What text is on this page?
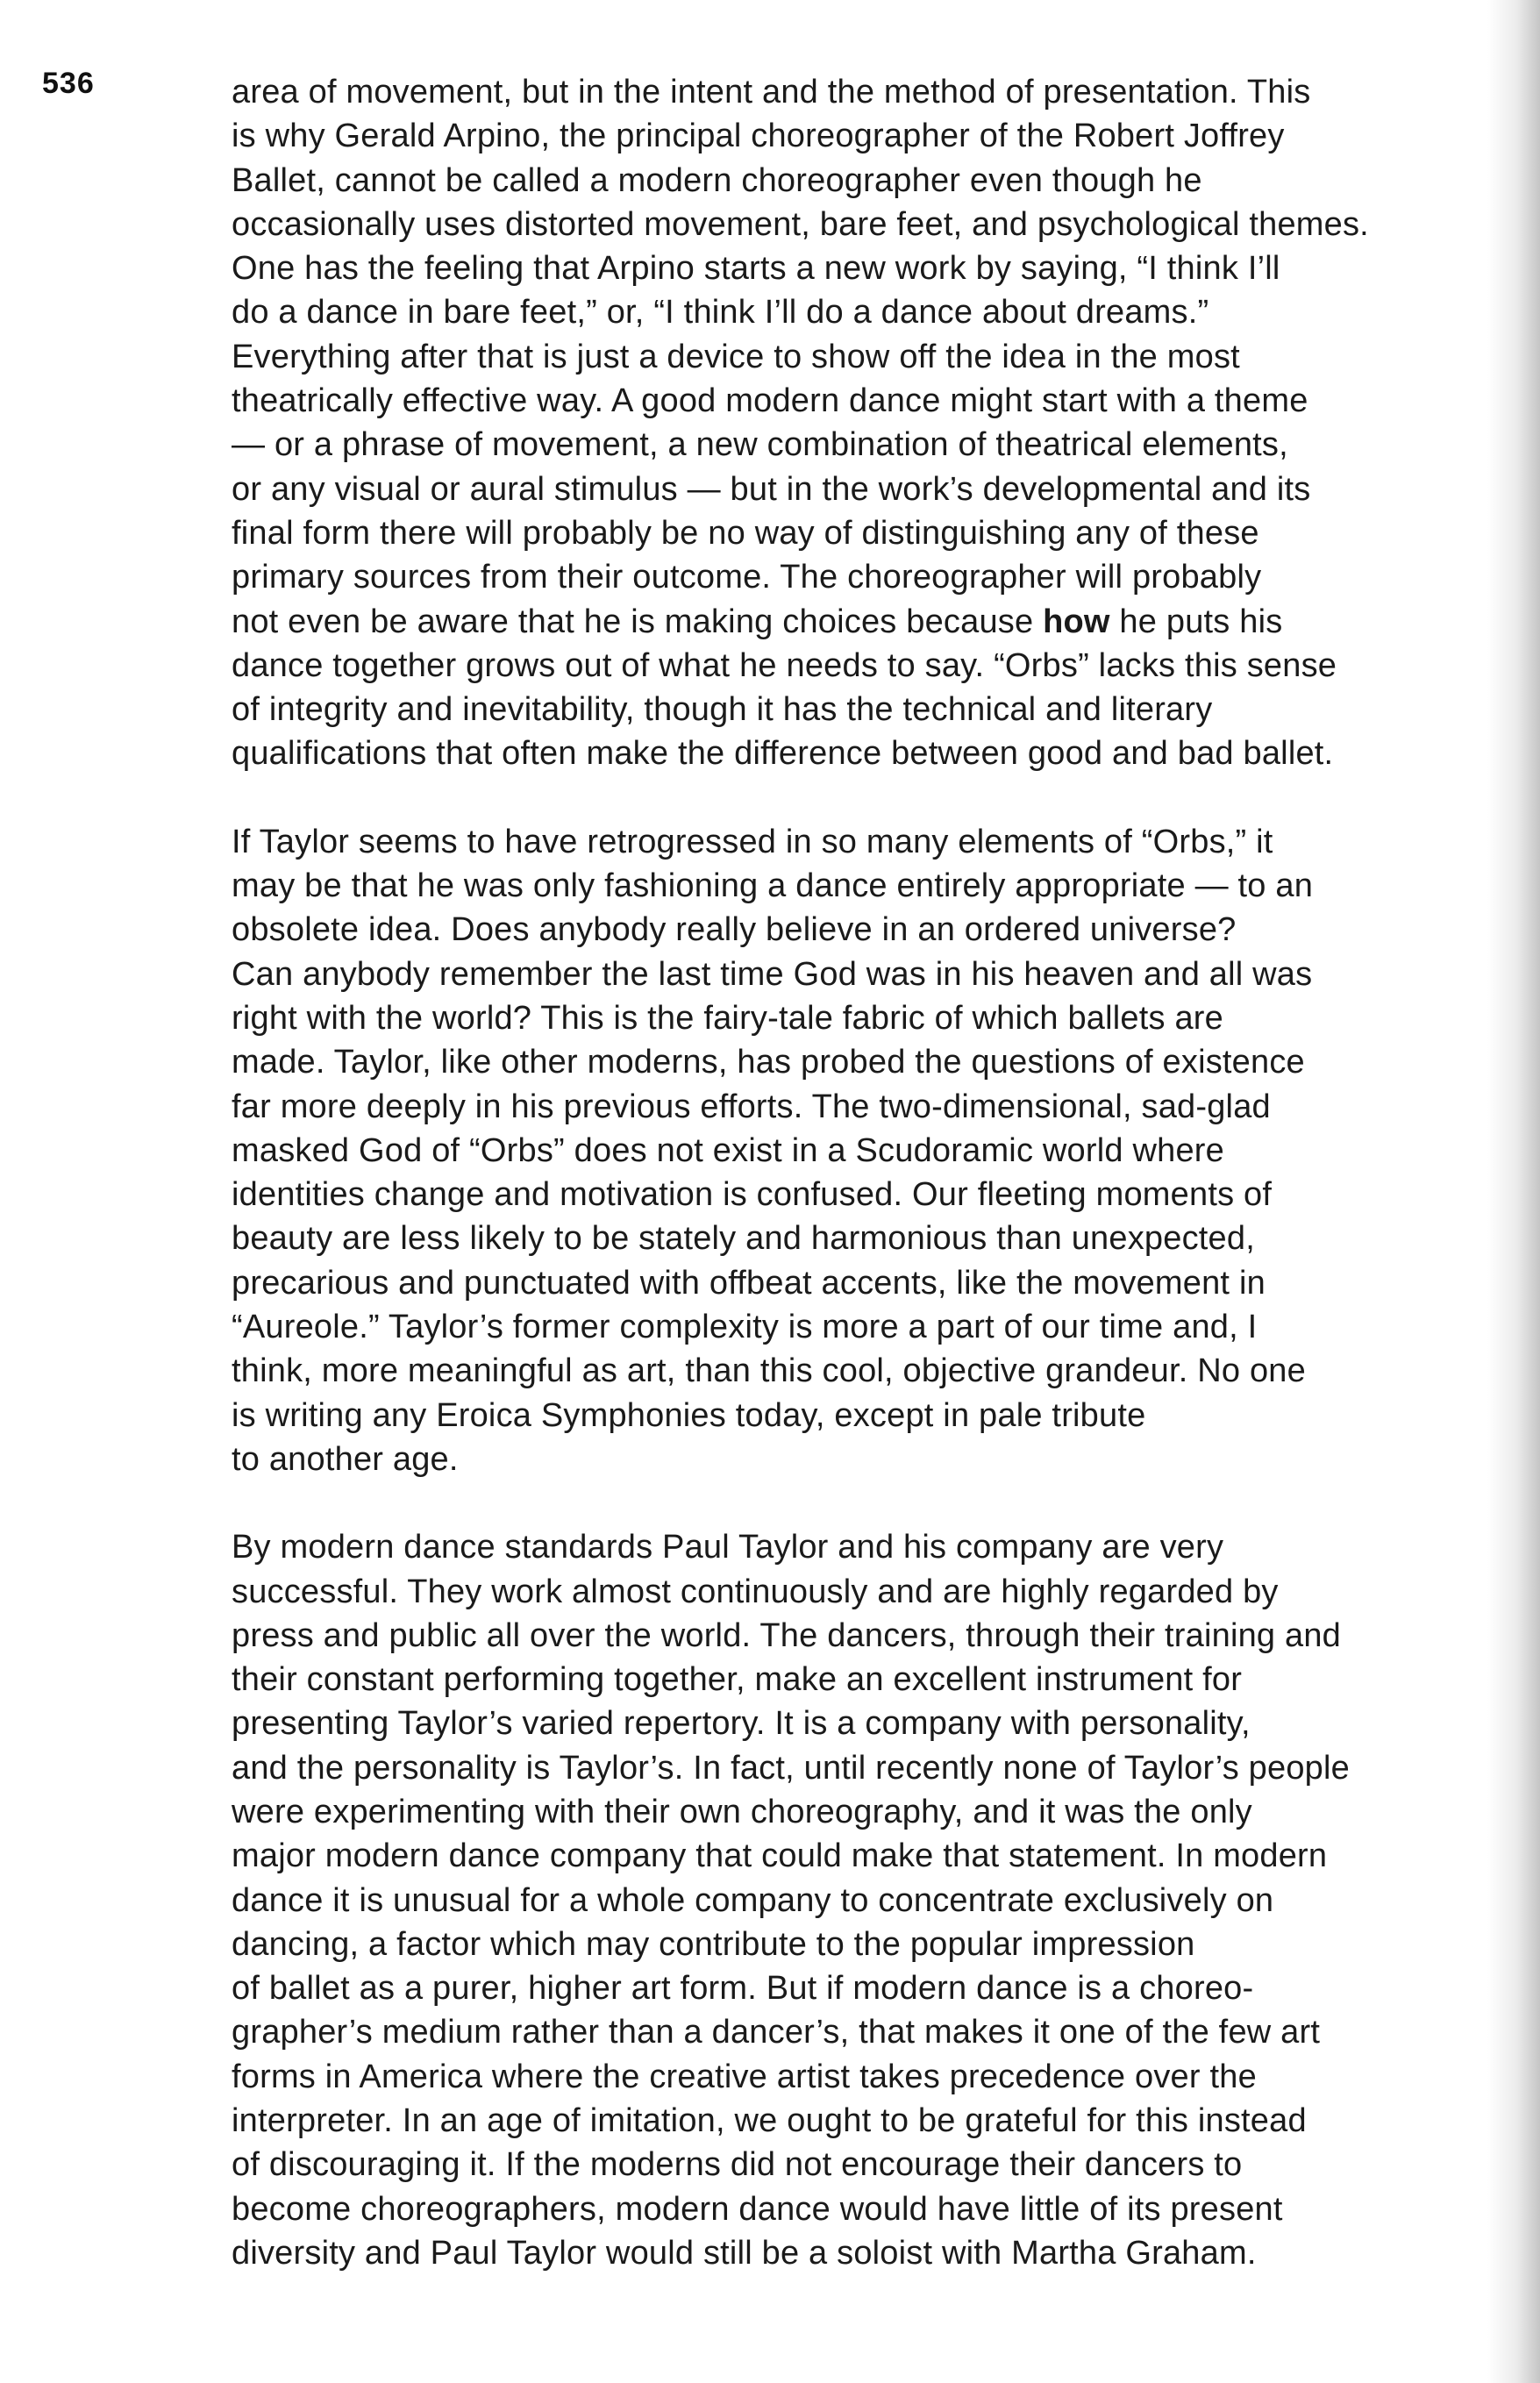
536	area of movement, but in the intent and the method of presentation. This
is why Gerald Arpino, the principal choreographer of the Robert Joffrey
Ballet, cannot be called a modern choreographer even though he
occasionally uses distorted movement, bare feet, and psychological themes.
One has the feeling that Arpino starts a new work by saying, “I think I’ll
do a dance in bare feet,” or, “I think I’ll do a dance about dreams.”
Everything after that is just a device to show off the idea in the most
theatrically effective way. A good modern dance might start with a theme
— or a phrase of movement, a new combination of theatrical elements,
or any visual or aural stimulus — but in the work’s developmental and its
final form there will probably be no way of distinguishing any of these
primary sources from their outcome. The choreographer will probably
not even be aware that he is making choices because how he puts his
dance together grows out of what he needs to say. “Orbs” lacks this sense
of integrity and inevitability, though it has the technical and literary
qualifications that often make the difference between good and bad ballet.
If Taylor seems to have retrogressed in so many elements of “Orbs,” it
may be that he was only fashioning a dance entirely appropriate — to an
obsolete idea. Does anybody really believe in an ordered universe?
Can anybody remember the last time God was in his heaven and all was
right with the world? This is the fairy-tale fabric of which ballets are
made. Taylor, like other moderns, has probed the questions of existence
far more deeply in his previous efforts. The two-dimensional, sad-glad
masked God of “Orbs” does not exist in a Scudoramic world where
identities change and motivation is confused. Our fleeting moments of
beauty are less likely to be stately and harmonious than unexpected,
precarious and punctuated with offbeat accents, like the movement in
“Aureole.” Taylor’s former complexity is more a part of our time and, I
think, more meaningful as art, than this cool, objective grandeur. No one
is writing any Eroica Symphonies today, except in pale tribute
to another age.
By modern dance standards Paul Taylor and his company are very
successful. They work almost continuously and are highly regarded by
press and public all over the world. The dancers, through their training and
their constant performing together, make an excellent instrument for
presenting Taylor’s varied repertory. It is a company with personality,
and the personality is Taylor’s. In fact, until recently none of Taylor’s people
were experimenting with their own choreography, and it was the only
major modern dance company that could make that statement. In modern
dance it is unusual for a whole company to concentrate exclusively on
dancing, a factor which may contribute to the popular impression
of ballet as a purer, higher art form. But if modern dance is a choreo-
grapher’s medium rather than a dancer’s, that makes it one of the few art
forms in America where the creative artist takes precedence over the
interpreter. In an age of imitation, we ought to be grateful for this instead
of discouraging it. If the moderns did not encourage their dancers to
become choreographers, modern dance would have little of its present
diversity and Paul Taylor would still be a soloist with Martha Graham.
